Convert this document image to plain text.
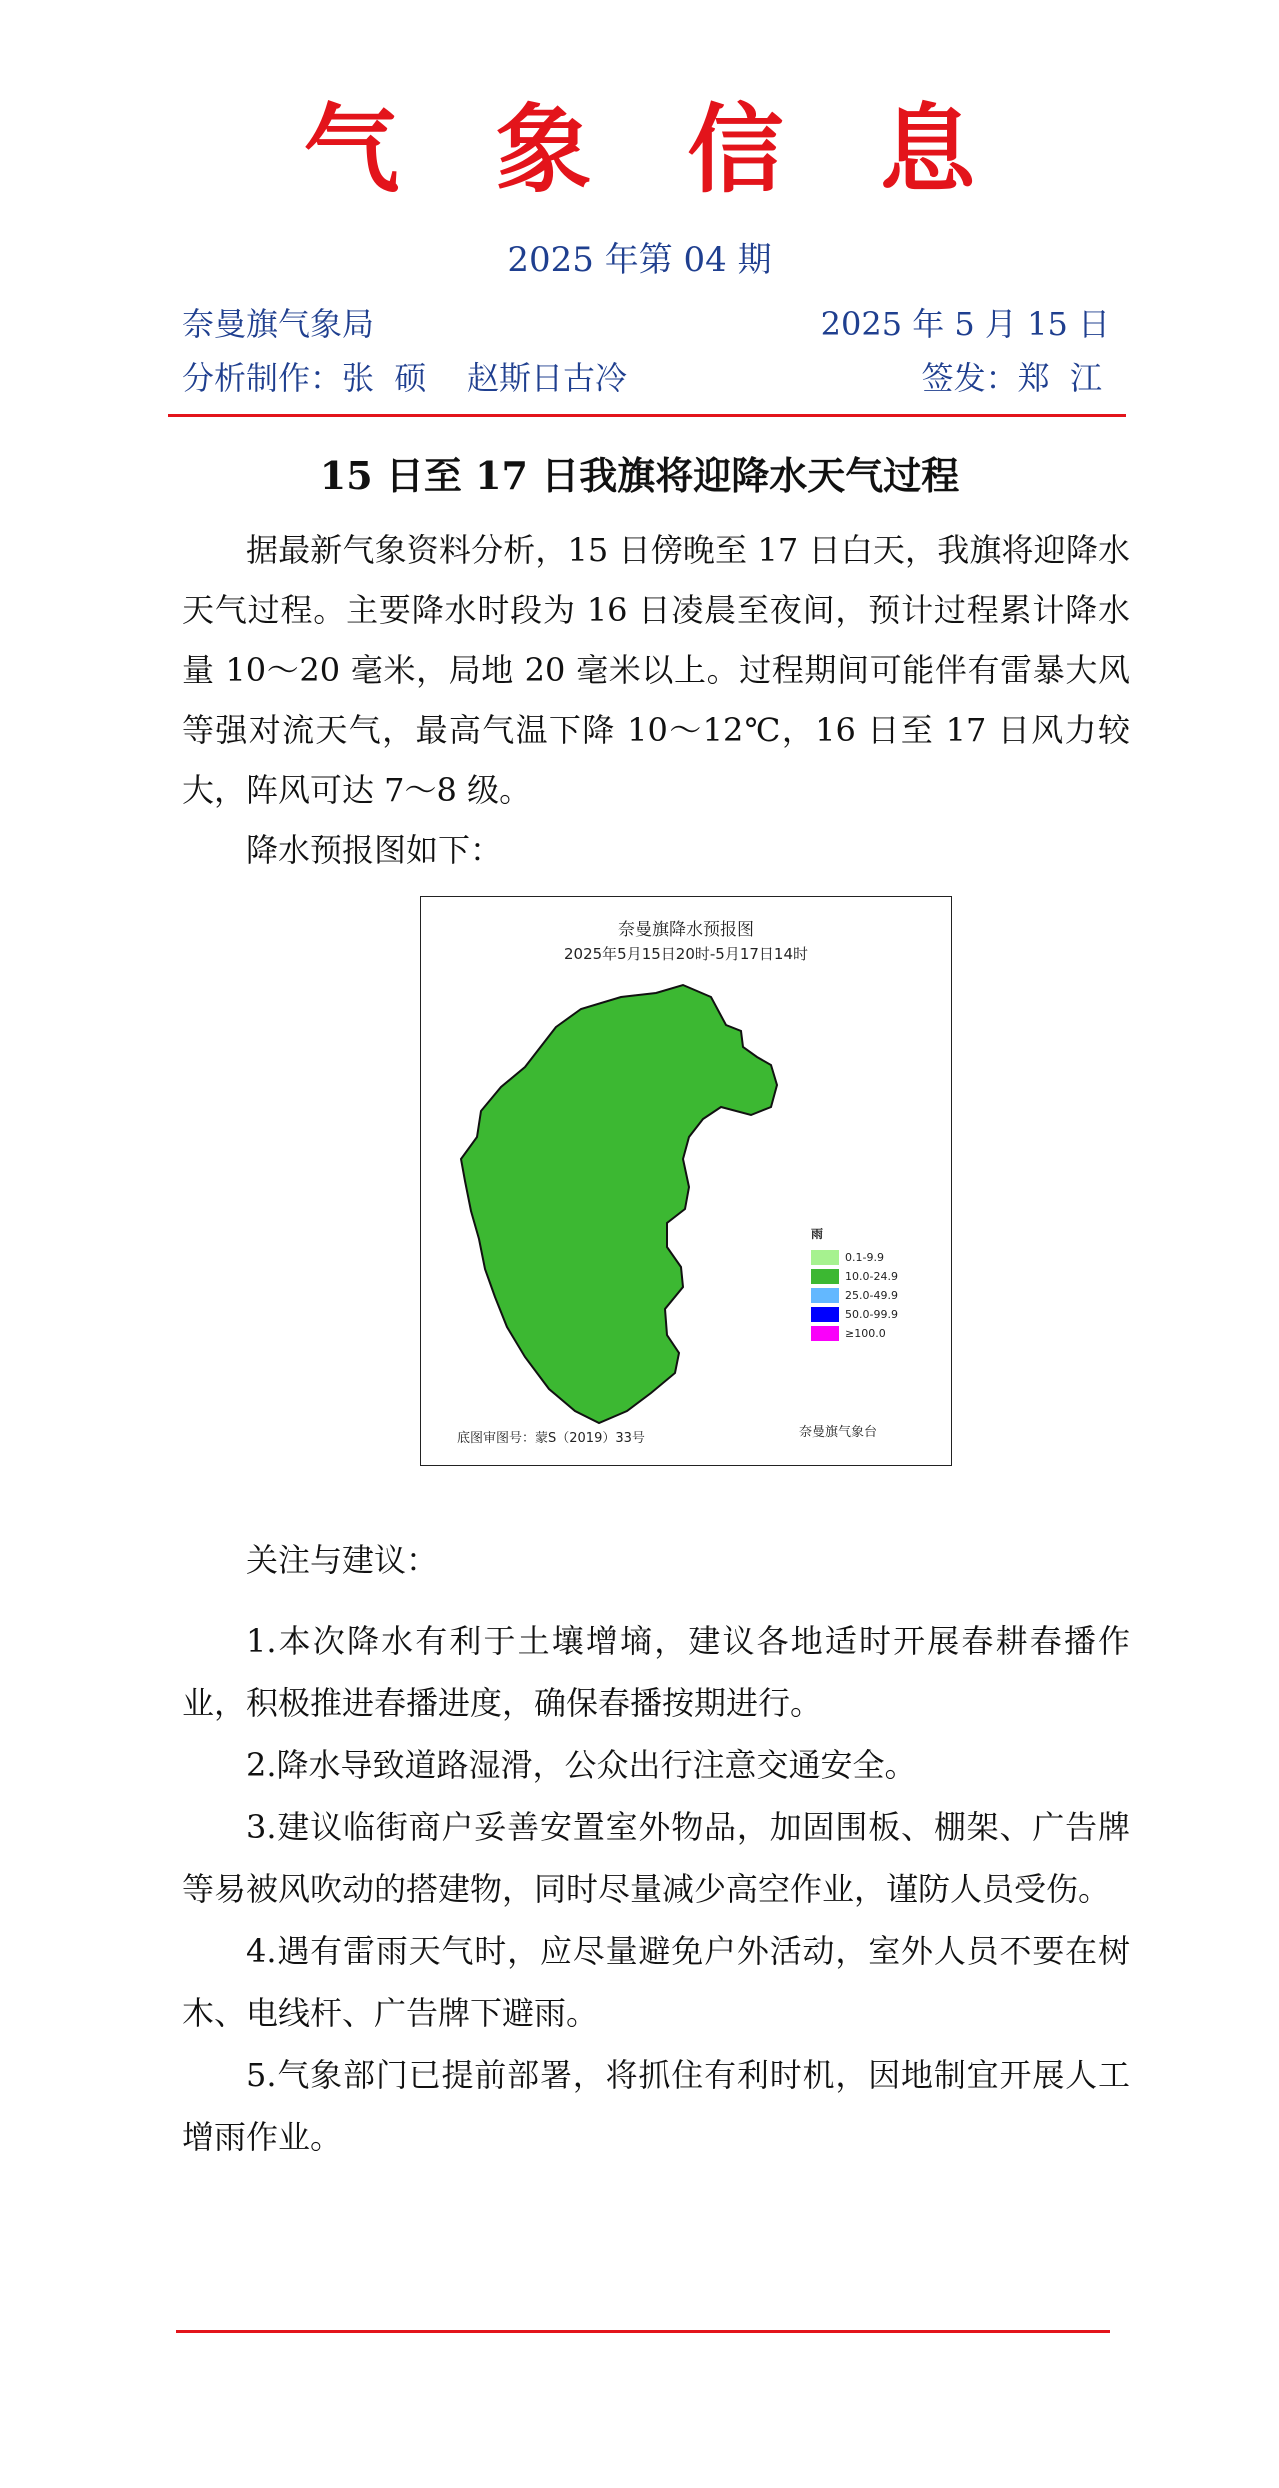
气象信息
2025 年第 04 期
奈曼旗气象局	2025 年 5 月 15 日
分析制作：张  硕    赵斯日古冷	签发：郑  江
15 日至 17 日我旗将迎降水天气过程
据最新气象资料分析，15 日傍晚至 17 日白天，我旗将迎降水天气过程。主要降水时段为 16 日凌晨至夜间，预计过程累计降水量 10～20 毫米，局地 20 毫米以上。过程期间可能伴有雷暴大风等强对流天气，最高气温下降 10～12℃，16 日至 17 日风力较大，阵风可达 7～8 级。
降水预报图如下：
奈曼旗降水预报图
2025年5月15日20时-5月17日14时
雨
0.1-9.9
10.0-24.9
25.0-49.9
50.0-99.9
≥100.0
底图审图号：蒙S（2019）33号	奈曼旗气象台
关注与建议：
1.本次降水有利于土壤增墒，建议各地适时开展春耕春播作业，积极推进春播进度，确保春播按期进行。
2.降水导致道路湿滑，公众出行注意交通安全。
3.建议临街商户妥善安置室外物品，加固围板、棚架、广告牌等易被风吹动的搭建物，同时尽量减少高空作业，谨防人员受伤。
4.遇有雷雨天气时，应尽量避免户外活动，室外人员不要在树木、电线杆、广告牌下避雨。
5.气象部门已提前部署，将抓住有利时机，因地制宜开展人工增雨作业。
